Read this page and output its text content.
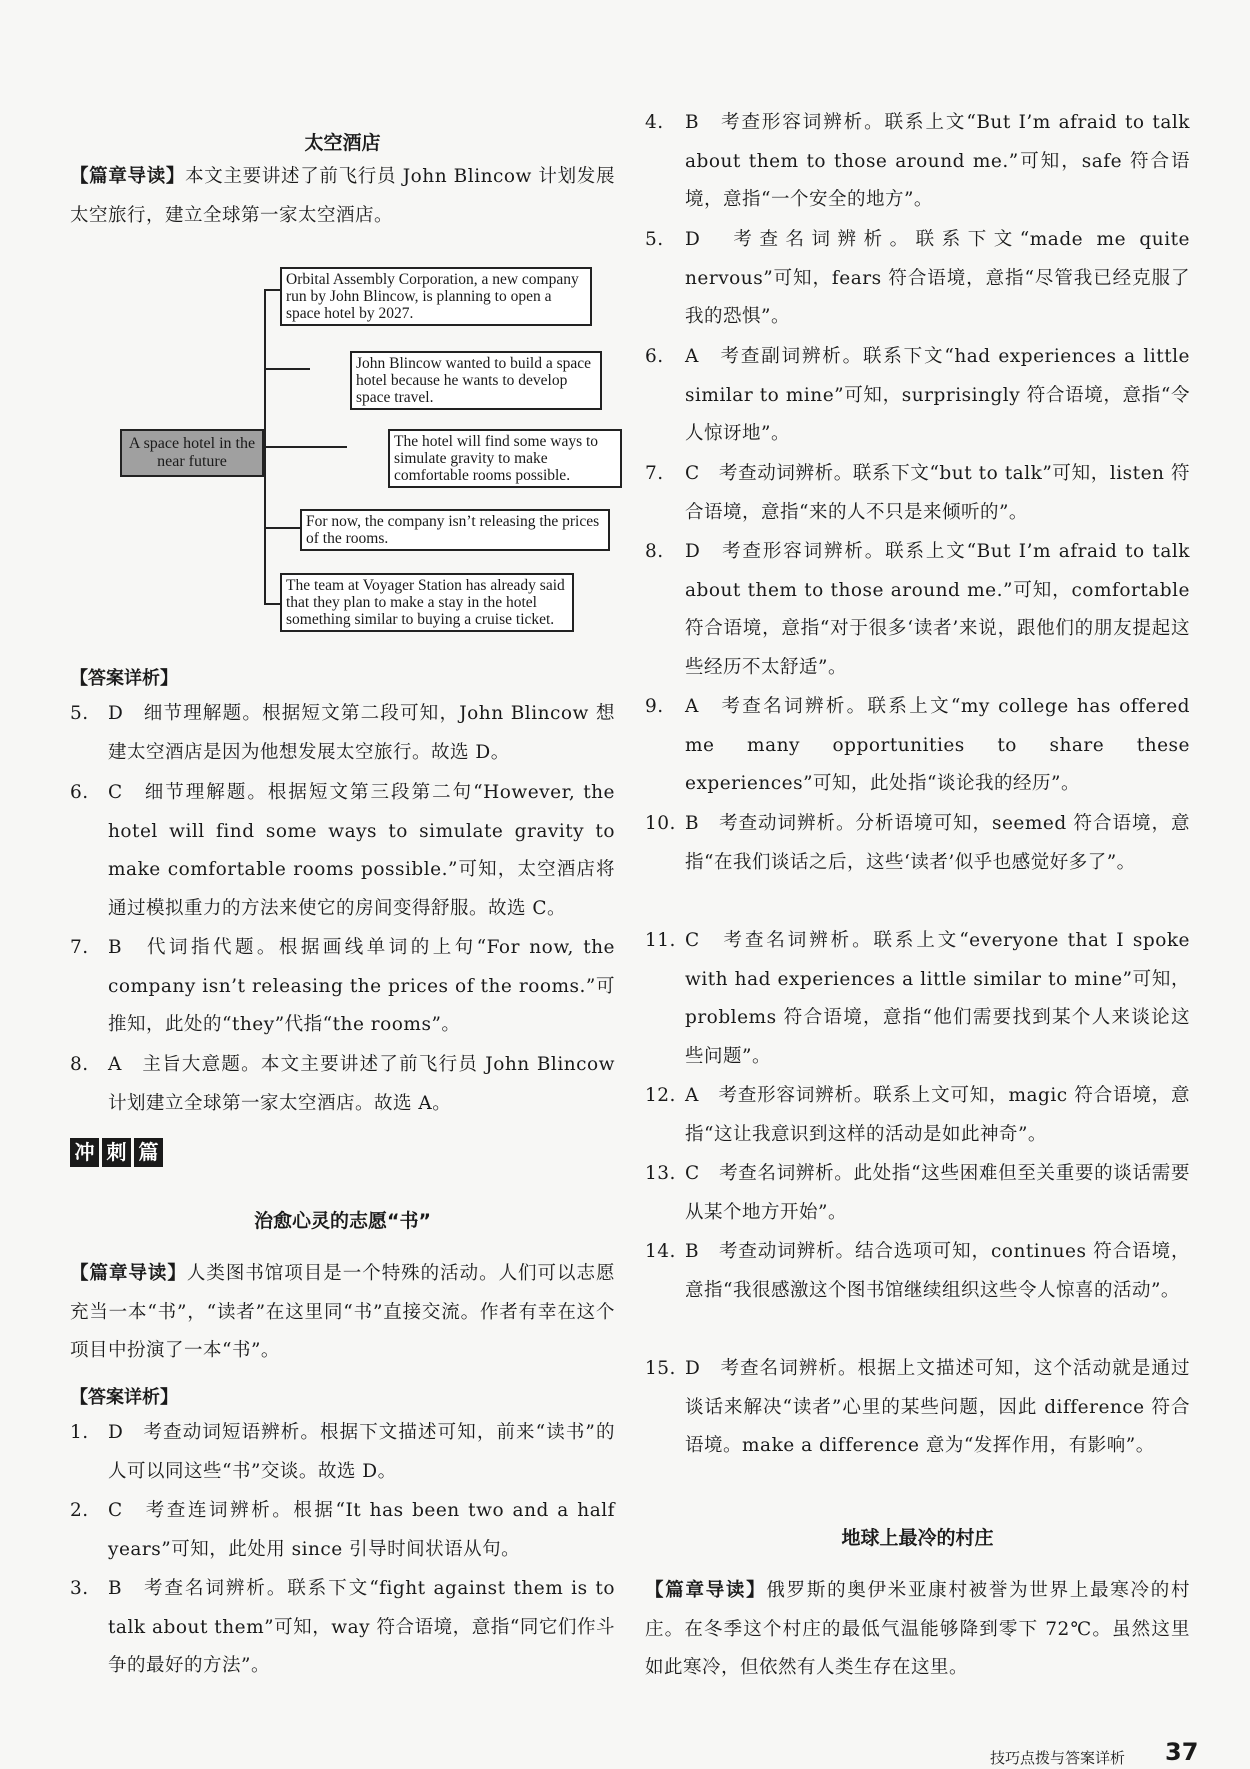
太空酒店
【篇章导读】本文主要讲述了前飞行员 John Blincow 计划发展太空旅行，建立全球第一家太空酒店。
A space hotel in the near future
Orbital Assembly Corporation, a new company run by John Blincow, is planning to open a space hotel by 2027.
John Blincow wanted to build a space hotel because he wants to develop space travel.
The hotel will find some ways to simulate gravity to make comfortable rooms possible.
For now, the company isn’t releasing the prices of the rooms.
The team at Voyager Station has already said that they plan to make a stay in the hotel something similar to buying a cruise ticket.
【答案详析】
5.	D　细节理解题。根据短文第二段可知，John Blincow 想建太空酒店是因为他想发展太空旅行。故选 D。
6.	C　细节理解题。根据短文第三段第二句“However, the hotel will find some ways to simulate gravity to make comfortable rooms possible.”可知，太空酒店将通过模拟重力的方法来使它的房间变得舒服。故选 C。
7.	B　代词指代题。根据画线单词的上句“For now, the company isn’t releasing the prices of the rooms.”可推知，此处的“they”代指“the rooms”。
8.	A　主旨大意题。本文主要讲述了前飞行员 John Blincow 计划建立全球第一家太空酒店。故选 A。
冲 刺 篇
治愈心灵的志愿“书”
【篇章导读】人类图书馆项目是一个特殊的活动。人们可以志愿充当一本“书”，“读者”在这里同“书”直接交流。作者有幸在这个项目中扮演了一本“书”。
【答案详析】
1.	D　考查动词短语辨析。根据下文描述可知，前来“读书”的人可以同这些“书”交谈。故选 D。
2.	C　考查连词辨析。根据“It has been two and a half years”可知，此处用 since 引导时间状语从句。
3.	B　考查名词辨析。联系下文“fight against them is to talk about them”可知，way 符合语境，意指“同它们作斗争的最好的方法”。
4.	B　考查形容词辨析。联系上文“But I’m afraid to talk about them to those around me.”可知，safe 符合语境，意指“一个安全的地方”。
5.	D　考查名词辨析。联系下文“made me quite nervous”可知，fears 符合语境，意指“尽管我已经克服了我的恐惧”。
6.	A　考查副词辨析。联系下文“had experiences a little similar to mine”可知，surprisingly 符合语境，意指“令人惊讶地”。
7.	C　考查动词辨析。联系下文“but to talk”可知，listen 符合语境，意指“来的人不只是来倾听的”。
8.	D　考查形容词辨析。联系上文“But I’m afraid to talk about them to those around me.”可知，comfortable 符合语境，意指“对于很多‘读者’来说，跟他们的朋友提起这些经历不太舒适”。
9.	A　考查名词辨析。联系上文“my college has offered me many opportunities to share these experiences”可知，此处指“谈论我的经历”。
10. B　考查动词辨析。分析语境可知，seemed 符合语境，意指“在我们谈话之后，这些‘读者’似乎也感觉好多了”。
11. C　考查名词辨析。联系上文“everyone that I spoke with had experiences a little similar to mine”可知，problems 符合语境，意指“他们需要找到某个人来谈论这些问题”。
12. A　考查形容词辨析。联系上文可知，magic 符合语境，意指“这让我意识到这样的活动是如此神奇”。
13. C　考查名词辨析。此处指“这些困难但至关重要的谈话需要从某个地方开始”。
14. B　考查动词辨析。结合选项可知，continues 符合语境，意指“我很感激这个图书馆继续组织这些令人惊喜的活动”。
15. D　考查名词辨析。根据上文描述可知，这个活动就是通过谈话来解决“读者”心里的某些问题，因此 difference 符合语境。make a difference 意为“发挥作用，有影响”。
地球上最冷的村庄
【篇章导读】俄罗斯的奥伊米亚康村被誉为世界上最寒冷的村庄。在冬季这个村庄的最低气温能够降到零下 72℃。虽然这里如此寒冷，但依然有人类生存在这里。
技巧点拨与答案详析 37
